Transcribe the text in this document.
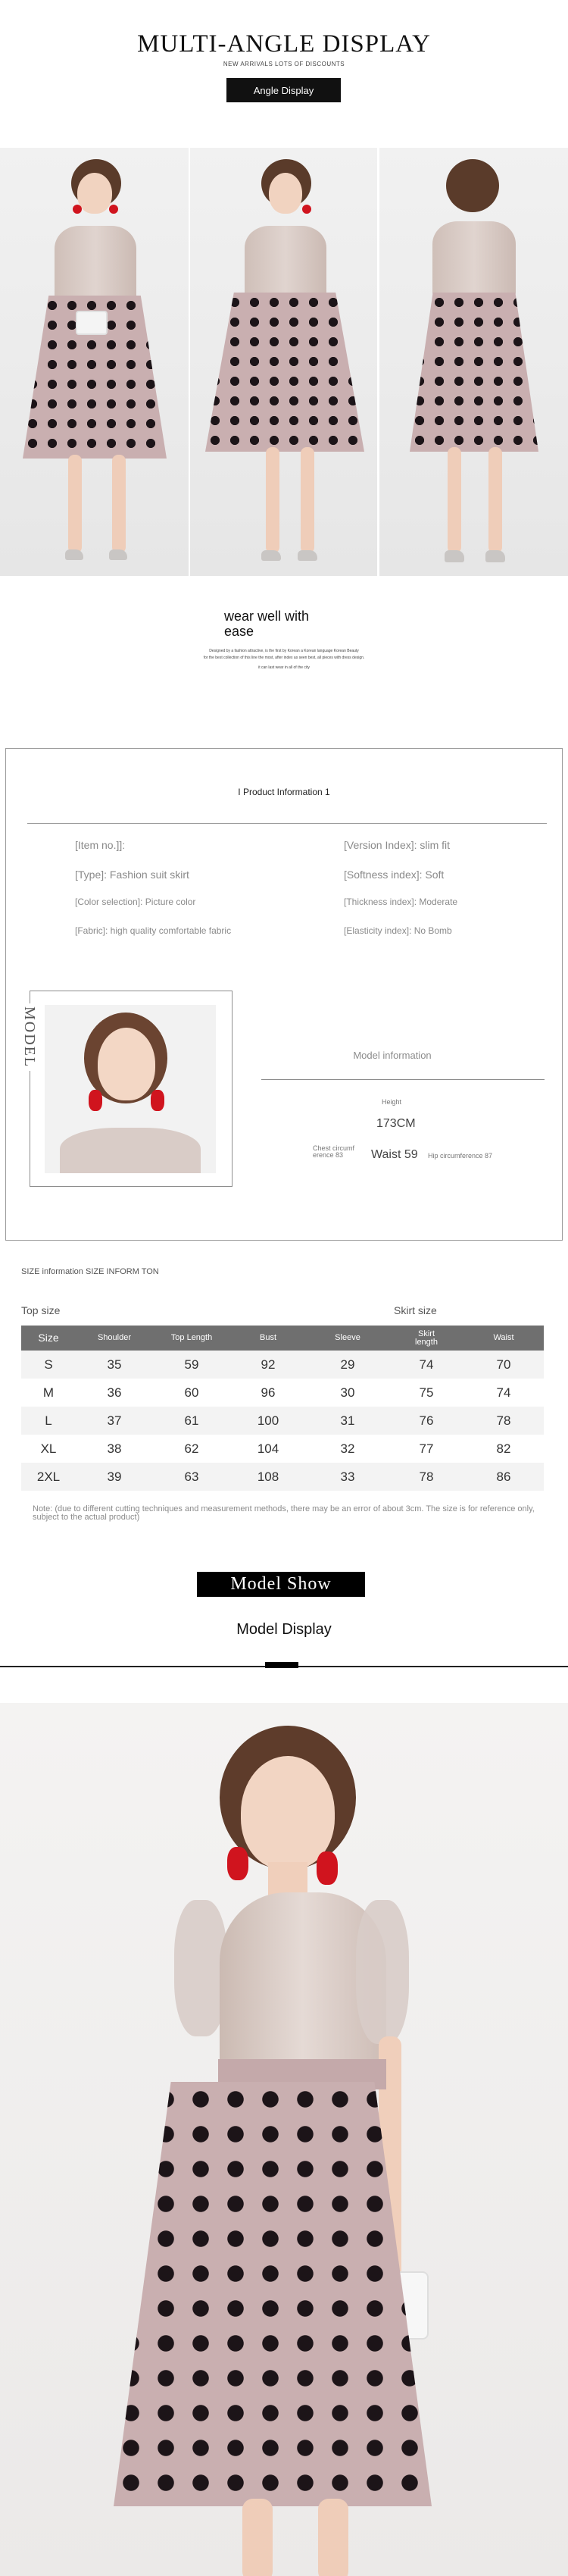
MULTI-ANGLE DISPLAY
NEW ARRIVALS LOTS OF DISCOUNTS
Angle Display
wear well with
ease
Designed by a fashion attractive, is the first by Korean a Korean language Korean Beauty
for the best collection of this line the most, after index as seen best, all pieces with dress design.
it can last wear in all of the city
I Product Information 1
[Item no.]]:	[Version Index]: slim fit
[Type]: Fashion suit skirt	[Softness index]: Soft
[Color selection]: Picture color	[Thickness index]: Moderate
[Fabric]: high quality comfortable fabric	[Elasticity index]: No Bomb
MODEL	Model information
Height
173CM
Chest circumf
erence 83	Waist 59 Hip circumference 87
SIZE information SIZE INFORM TON
Top size	Skirt size
Size	Shoulder	Top Length	Bust	Sleeve	Skirt length	Waist
S	35	59	92	29	74	70
M	36	60	96	30	75	74
L	37	61	100	31	76	78
XL	38	62	104	32	77	82
2XL	39	63	108	33	78	86
Note: (due to different cutting techniques and measurement methods, there may be an error of about 3cm. The size is for reference only, subject to the actual product)
Model Show
Model Display
